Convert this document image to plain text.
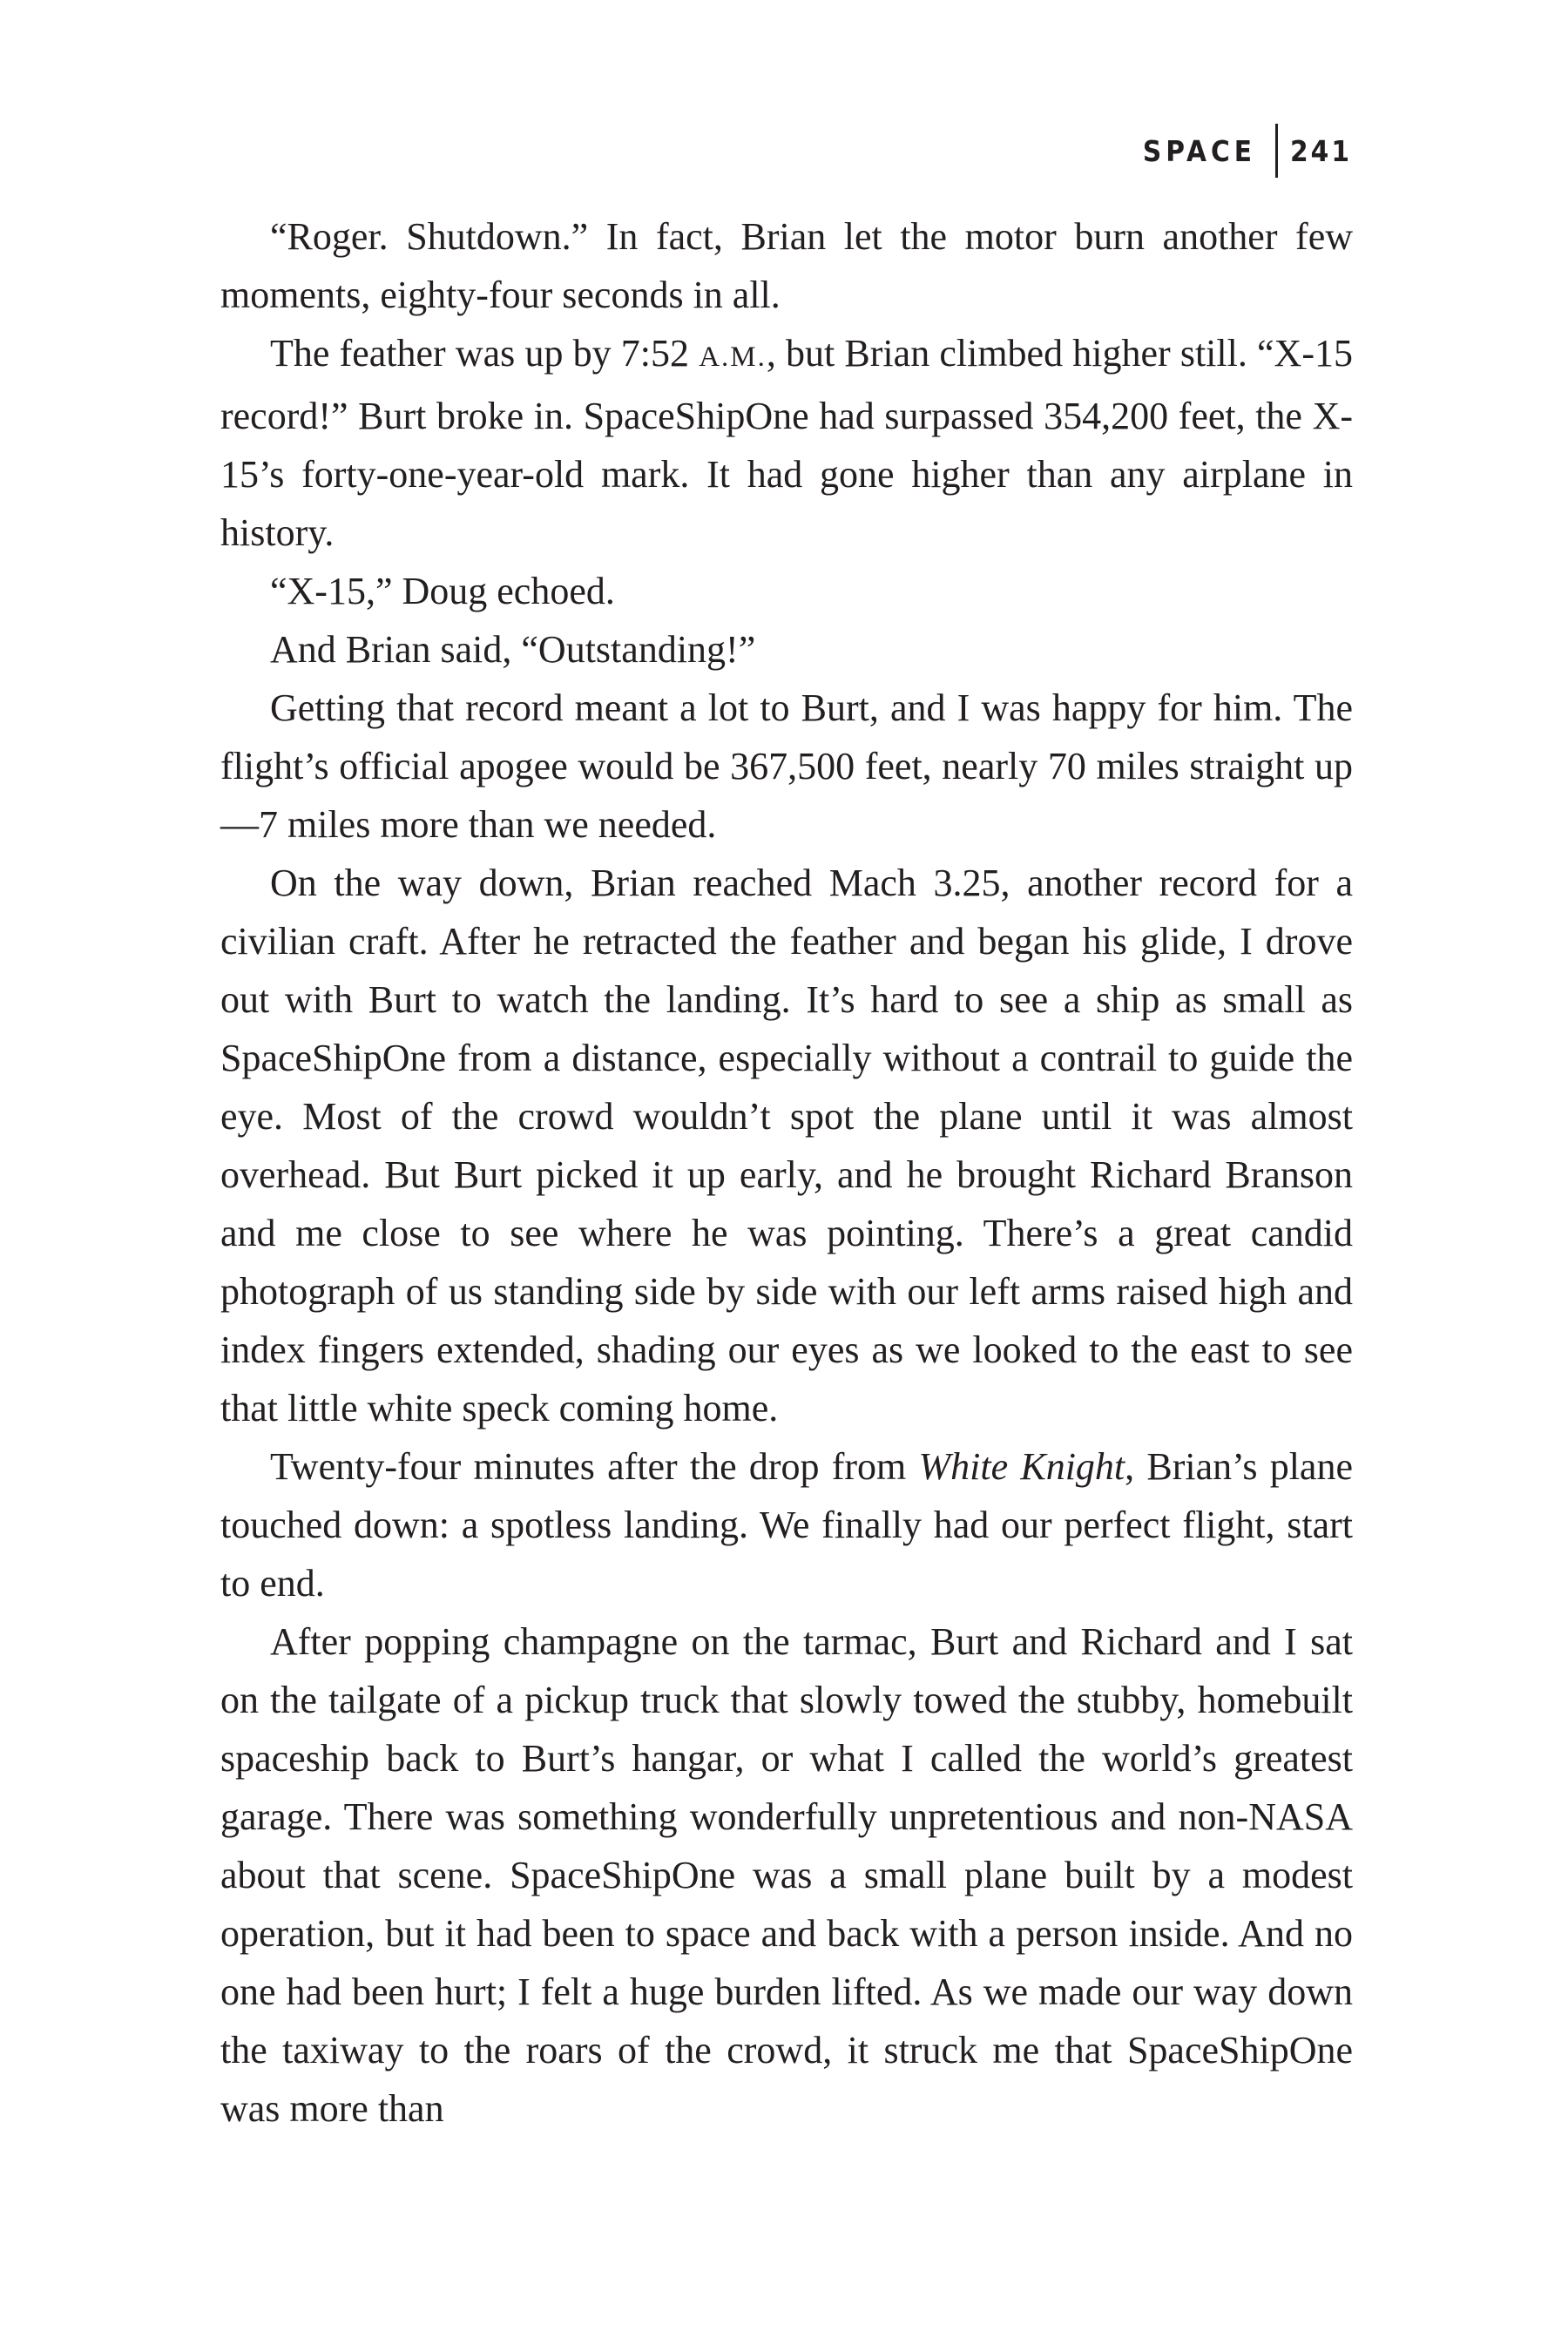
SPACE 241

“Roger. Shutdown.” In fact, Brian let the motor burn another few moments, eighty-four seconds in all.

The feather was up by 7:52 A.M., but Brian climbed higher still. “X-15 record!” Burt broke in. SpaceShipOne had surpassed 354,200 feet, the X-15’s forty-one-year-old mark. It had gone higher than any airplane in history.

“X-15,” Doug echoed.

And Brian said, “Outstanding!”

Getting that record meant a lot to Burt, and I was happy for him. The flight’s official apogee would be 367,500 feet, nearly 70 miles straight up—7 miles more than we needed.

On the way down, Brian reached Mach 3.25, another record for a civilian craft. After he retracted the feather and began his glide, I drove out with Burt to watch the landing. It’s hard to see a ship as small as SpaceShipOne from a distance, especially without a contrail to guide the eye. Most of the crowd wouldn’t spot the plane until it was almost overhead. But Burt picked it up early, and he brought Richard Branson and me close to see where he was pointing. There’s a great candid photograph of us standing side by side with our left arms raised high and index fingers extended, shading our eyes as we looked to the east to see that little white speck coming home.

Twenty-four minutes after the drop from White Knight, Brian’s plane touched down: a spotless landing. We finally had our perfect flight, start to end.

After popping champagne on the tarmac, Burt and Richard and I sat on the tailgate of a pickup truck that slowly towed the stubby, homebuilt spaceship back to Burt’s hangar, or what I called the world’s greatest garage. There was something wonderfully unpretentious and non-NASA about that scene. SpaceShipOne was a small plane built by a modest operation, but it had been to space and back with a person inside. And no one had been hurt; I felt a huge burden lifted. As we made our way down the taxiway to the roars of the crowd, it struck me that SpaceShipOne was more than
